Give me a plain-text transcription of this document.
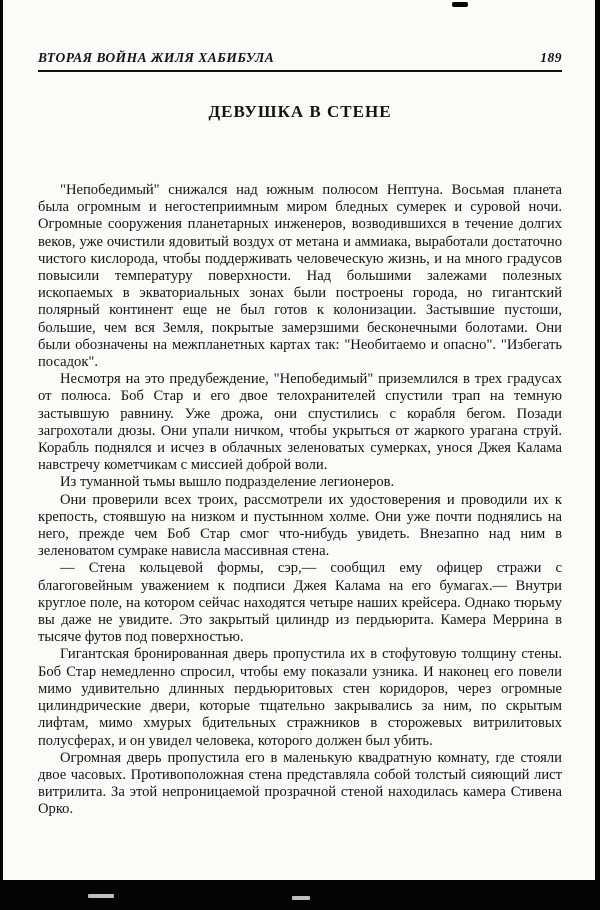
ВТОРАЯ ВОЙНА ЖИЛЯ ХАБИБУЛА	189
ДЕВУШКА В СТЕНЕ

"Непобедимый" снижался над южным полюсом Нептуна. Восьмая планета была огромным и негостеприимным миром бледных сумерек и суровой ночи. Огромные сооружения планетарных инженеров, возводившихся в течение долгих веков, уже очистили ядовитый воздух от метана и аммиака, выработали достаточно чистого кислорода, чтобы поддерживать человеческую жизнь, и на много градусов повысили температуру поверхности. Над большими залежами полезных ископаемых в экваториальных зонах были построены города, но гигантский полярный континент еще не был готов к колонизации. Застывшие пустоши, большие, чем вся Земля, покрытые замерзшими бесконечными болотами. Они были обозначены на межпланетных картах так: "Необитаемо и опасно". "Избегать посадок".

Несмотря на это предубеждение, "Непобедимый" приземлился в трех градусах от полюса. Боб Стар и его двое телохранителей спустили трап на темную застывшую равнину. Уже дрожа, они спустились с корабля бегом. Позади загрохотали дюзы. Они упали ничком, чтобы укрыться от жаркого урагана струй. Корабль поднялся и исчез в облачных зеленоватых сумерках, унося Джея Калама навстречу кометчикам с миссией доброй воли.

Из туманной тьмы вышло подразделение легионеров.

Они проверили всех троих, рассмотрели их удостоверения и проводили их к крепость, стоявшую на низком и пустынном холме. Они уже почти поднялись на него, прежде чем Боб Стар смог что-нибудь увидеть. Внезапно над ним в зеленоватом сумраке нависла массивная стена.

— Стена кольцевой формы, сэр,— сообщил ему офицер стражи с благоговейным уважением к подписи Джея Калама на его бумагах.— Внутри круглое поле, на котором сейчас находятся четыре наших крейсера. Однако тюрьму вы даже не увидите. Это закрытый цилиндр из пердьюрита. Камера Меррина в тысяче футов под поверхностью.

Гигантская бронированная дверь пропустила их в стофутовую толщину стены. Боб Стар немедленно спросил, чтобы ему показали узника. И наконец его повели мимо удивительно длинных пердьюритовых стен коридоров, через огромные цилиндрические двери, которые тщательно закрывались за ним, по скрытым лифтам, мимо хмурых бдительных стражников в сторожевых витрилитовых полусферах, и он увидел человека, которого должен был убить.

Огромная дверь пропустила его в маленькую квадратную комнату, где стояли двое часовых. Противоположная стена представляла собой толстый сияющий лист витрилита. За этой непроницаемой прозрачной стеной находилась камера Стивена Орко.
